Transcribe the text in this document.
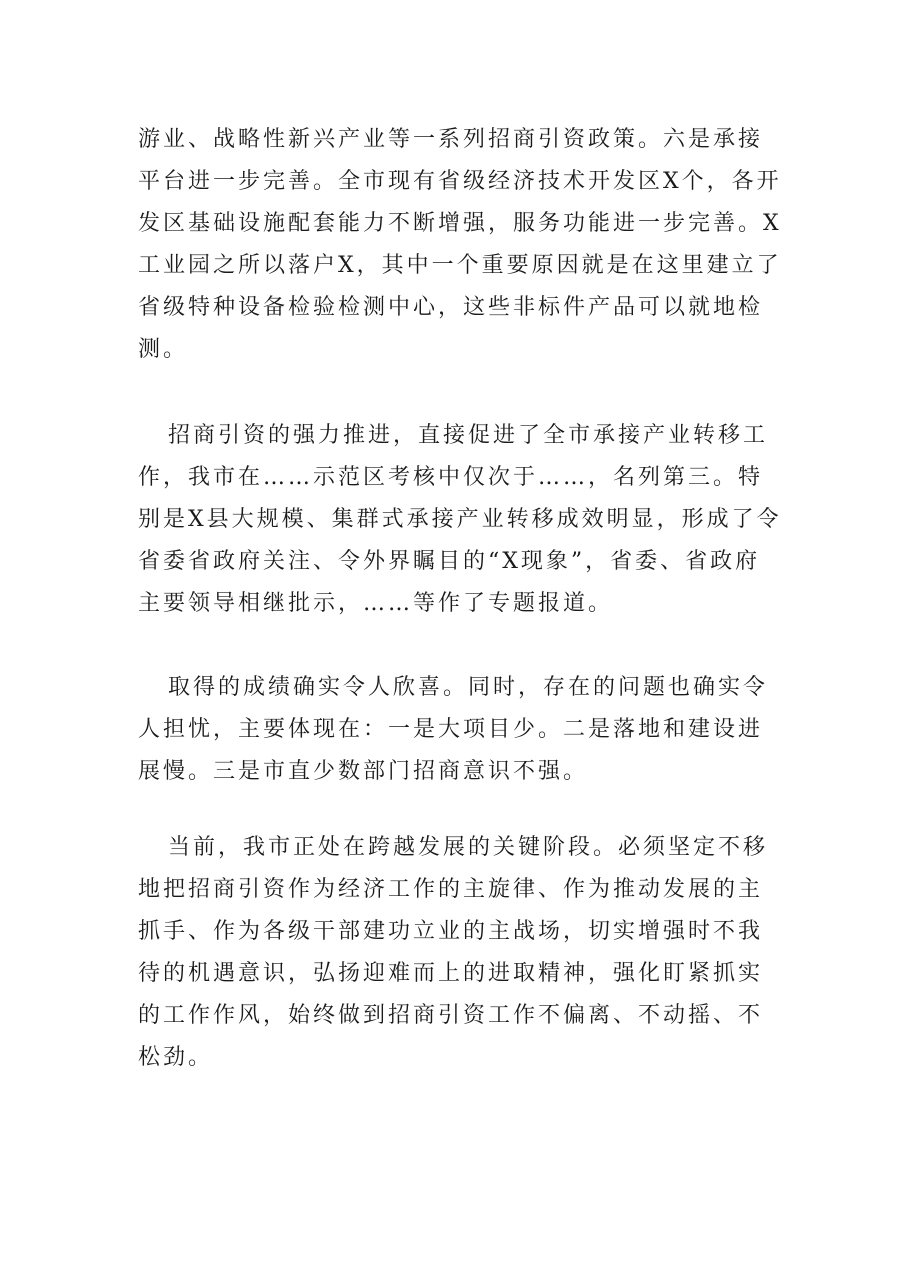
游业、战略性新兴产业等一系列招商引资政策。六是承接
平台进一步完善。全市现有省级经济技术开发区X个，各开
发区基础设施配套能力不断增强，服务功能进一步完善。X
工业园之所以落户X，其中一个重要原因就是在这里建立了
省级特种设备检验检测中心，这些非标件产品可以就地检
测。
招商引资的强力推进，直接促进了全市承接产业转移工
作，我市在……示范区考核中仅次于……，名列第三。特
别是X县大规模、集群式承接产业转移成效明显，形成了令
省委省政府关注、令外界瞩目的“X现象”，省委、省政府
主要领导相继批示，……等作了专题报道。
取得的成绩确实令人欣喜。同时，存在的问题也确实令
人担忧，主要体现在：一是大项目少。二是落地和建设进
展慢。三是市直少数部门招商意识不强。
当前，我市正处在跨越发展的关键阶段。必须坚定不移
地把招商引资作为经济工作的主旋律、作为推动发展的主
抓手、作为各级干部建功立业的主战场，切实增强时不我
待的机遇意识，弘扬迎难而上的进取精神，强化盯紧抓实
的工作作风，始终做到招商引资工作不偏离、不动摇、不
松劲。
